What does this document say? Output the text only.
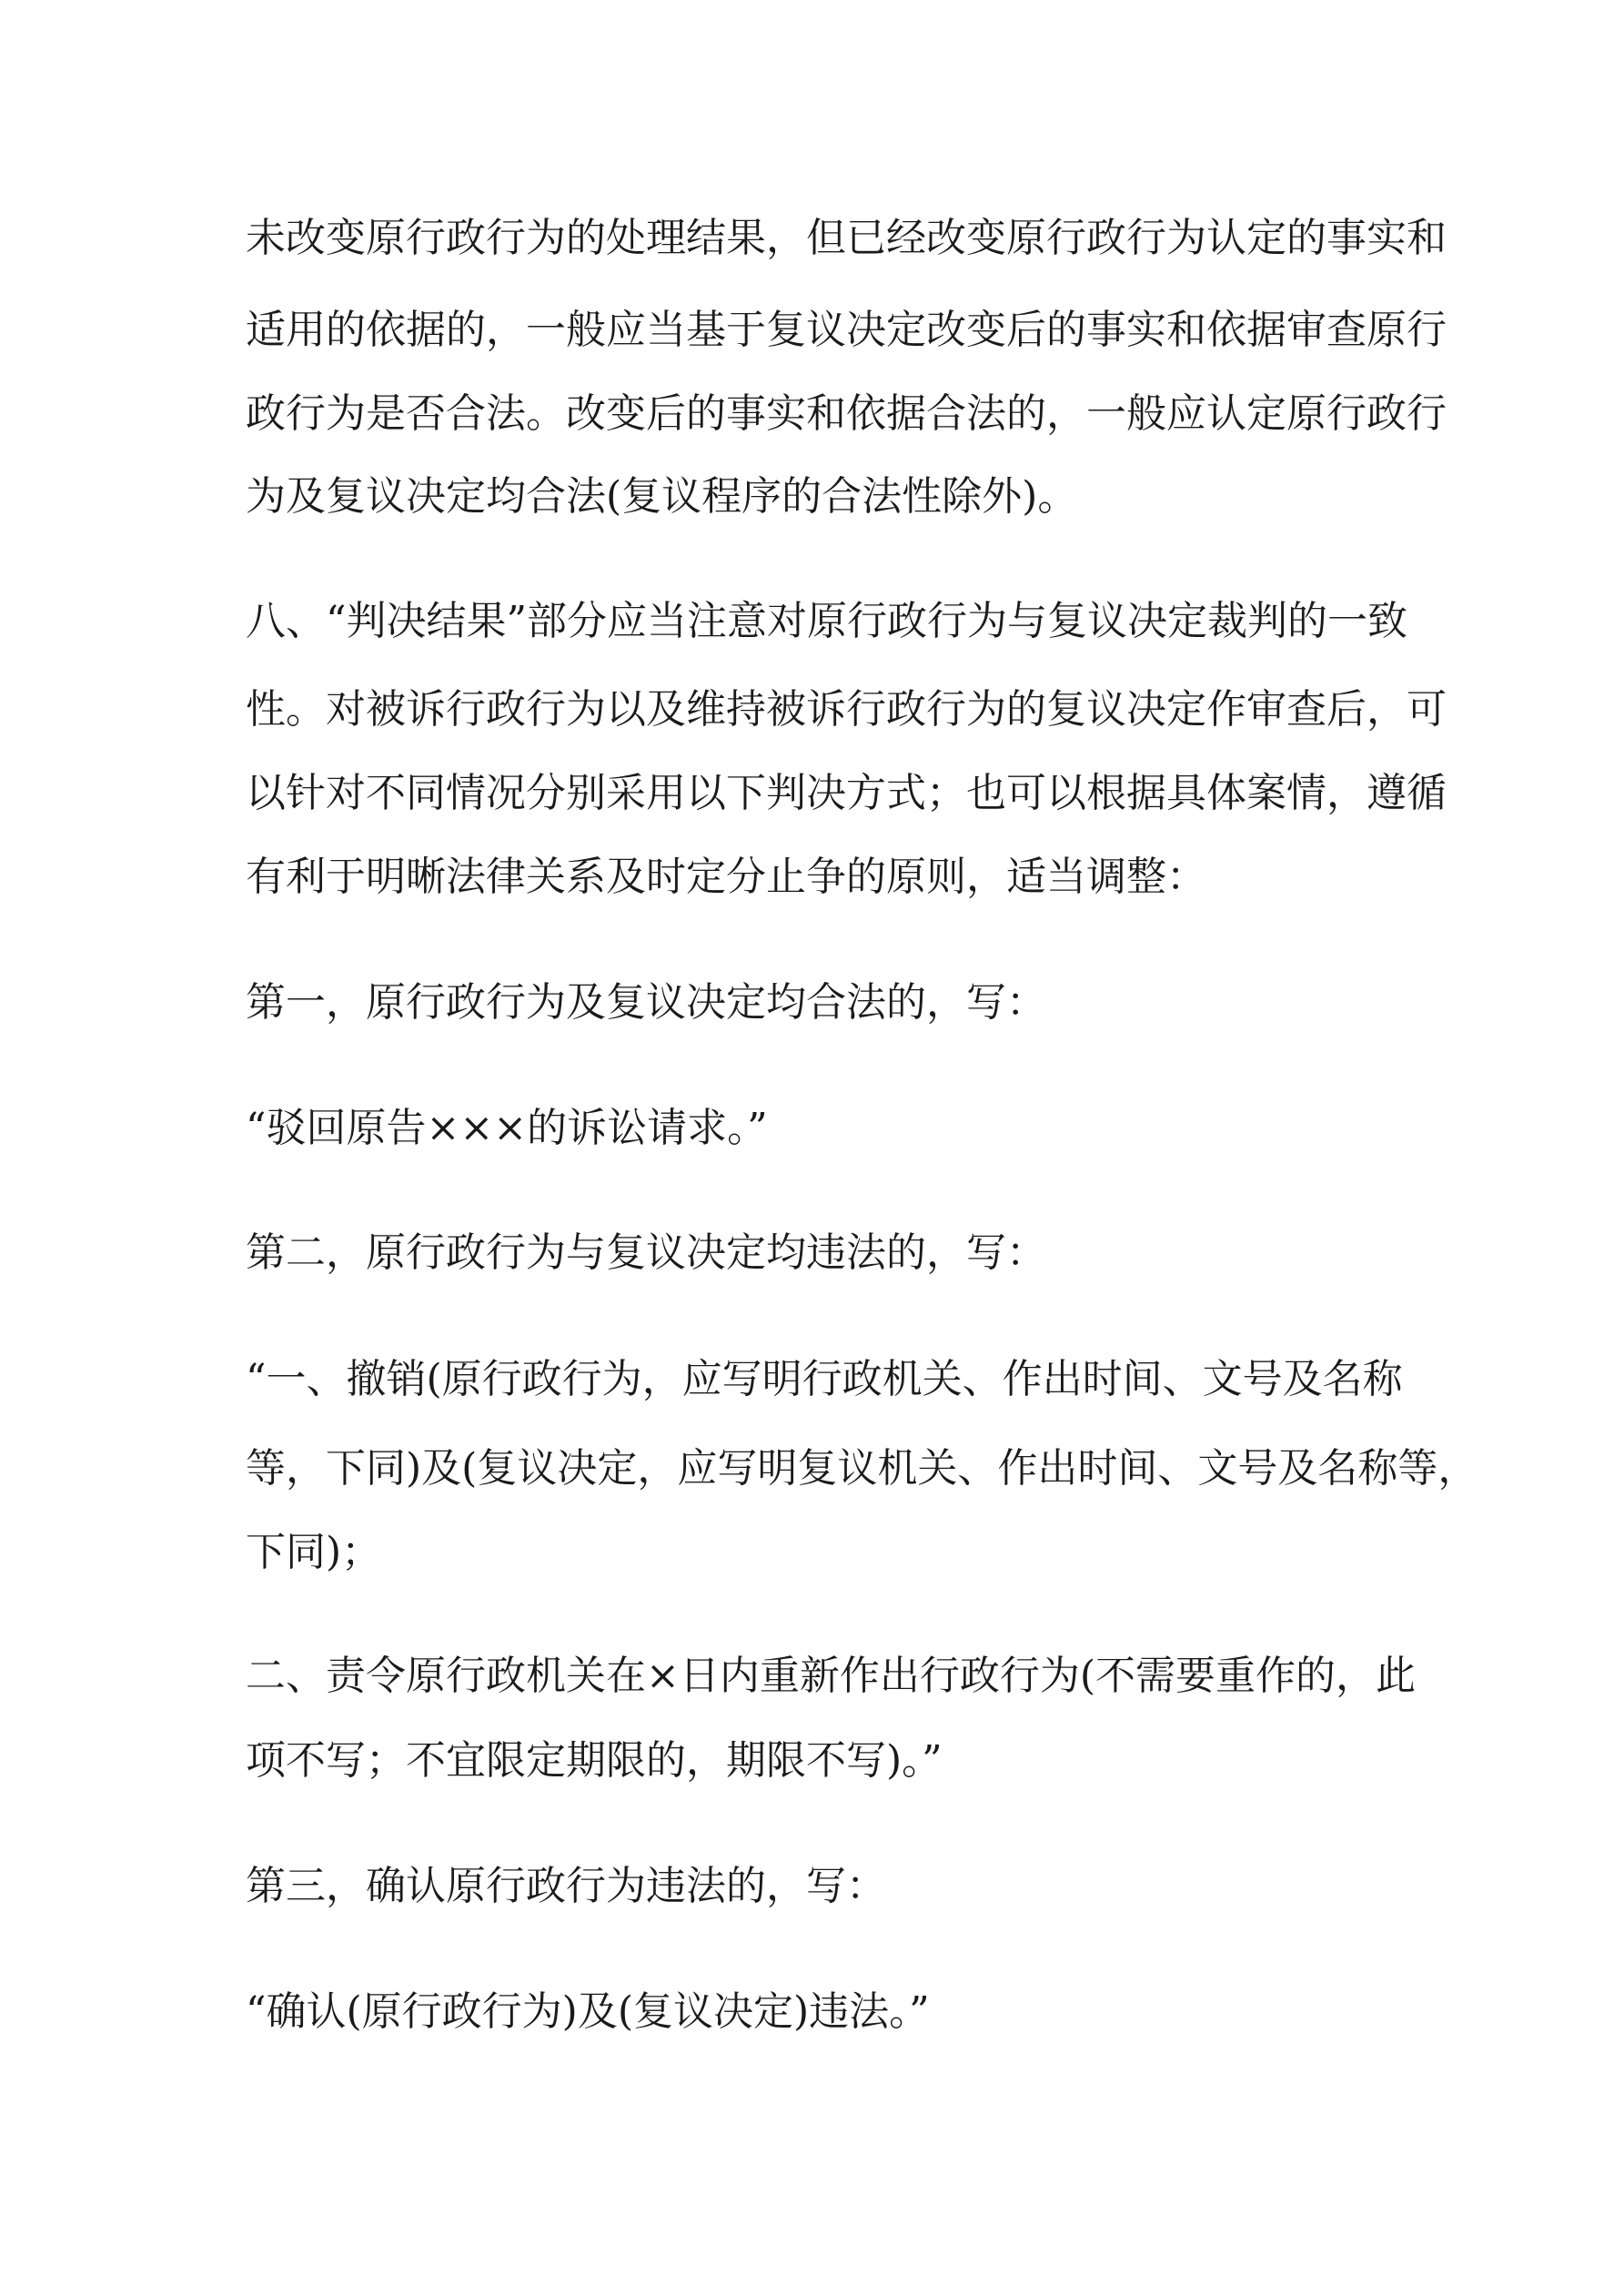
未改变原行政行为的处理结果，但已经改变原行政行为认定的事实和
适用的依据的，一般应当基于复议决定改变后的事实和依据审查原行
政行为是否合法。改变后的事实和依据合法的，一般应认定原行政行
为及复议决定均合法(复议程序的合法性除外)。
八、“判决结果”部分应当注意对原行政行为与复议决定裁判的一致
性。对被诉行政行为以及维持被诉行政行为的复议决定作审查后，可
以针对不同情况分别采用以下判决方式；也可以根据具体案情，遵循
有利于明晰法律关系及时定分止争的原则，适当调整：
第一，原行政行为及复议决定均合法的，写：
“驳回原告×××的诉讼请求。”
第二，原行政行为与复议决定均违法的，写：
“一、撤销(原行政行为，应写明行政机关、作出时间、文号及名称
等，下同)及(复议决定，应写明复议机关、作出时间、文号及名称等，
下同)；
二、责令原行政机关在×日内重新作出行政行为(不需要重作的，此
项不写；不宜限定期限的，期限不写)。”
第三，确认原行政行为违法的，写：
“确认(原行政行为)及(复议决定)违法。”
